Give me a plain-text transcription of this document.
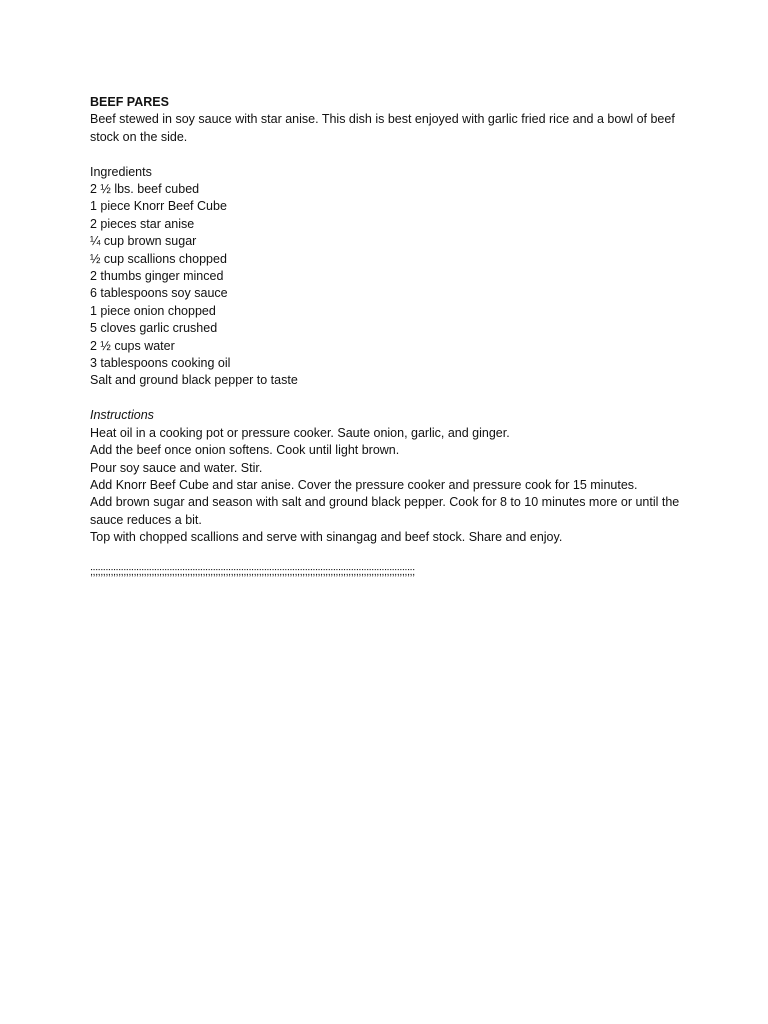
BEEF PARES

Beef stewed in soy sauce with star anise. This dish is best enjoyed with garlic fried rice and a bowl of beef stock on the side.

Ingredients

2 ½ lbs. beef cubed
1 piece Knorr Beef Cube
2 pieces star anise
¼ cup brown sugar
½ cup scallions chopped
2 thumbs ginger minced
6 tablespoons soy sauce
1 piece onion chopped
5 cloves garlic crushed
2 ½ cups water
3 tablespoons cooking oil
Salt and ground black pepper to taste

Instructions

Heat oil in a cooking pot or pressure cooker. Saute onion, garlic, and ginger.
Add the beef once onion softens. Cook until light brown.
Pour soy sauce and water. Stir.
Add Knorr Beef Cube and star anise. Cover the pressure cooker and pressure cook for 15 minutes.
Add brown sugar and season with salt and ground black pepper. Cook for 8 to 10 minutes more or until the sauce reduces a bit.
Top with chopped scallions and serve with sinangag and beef stock. Share and enjoy.

;;;;;;;;;;;;;;;;;;;;;;;;;;;;;;;;;;;;;;;;;;;;;;;;;;;;;;;;;;;;;;;;;;;;;;;;;;;;;;;;;;;;;;;;;;;;;;;;;;;;;;;;;;;;;;;;;;;;;;;;;;;;;;;
